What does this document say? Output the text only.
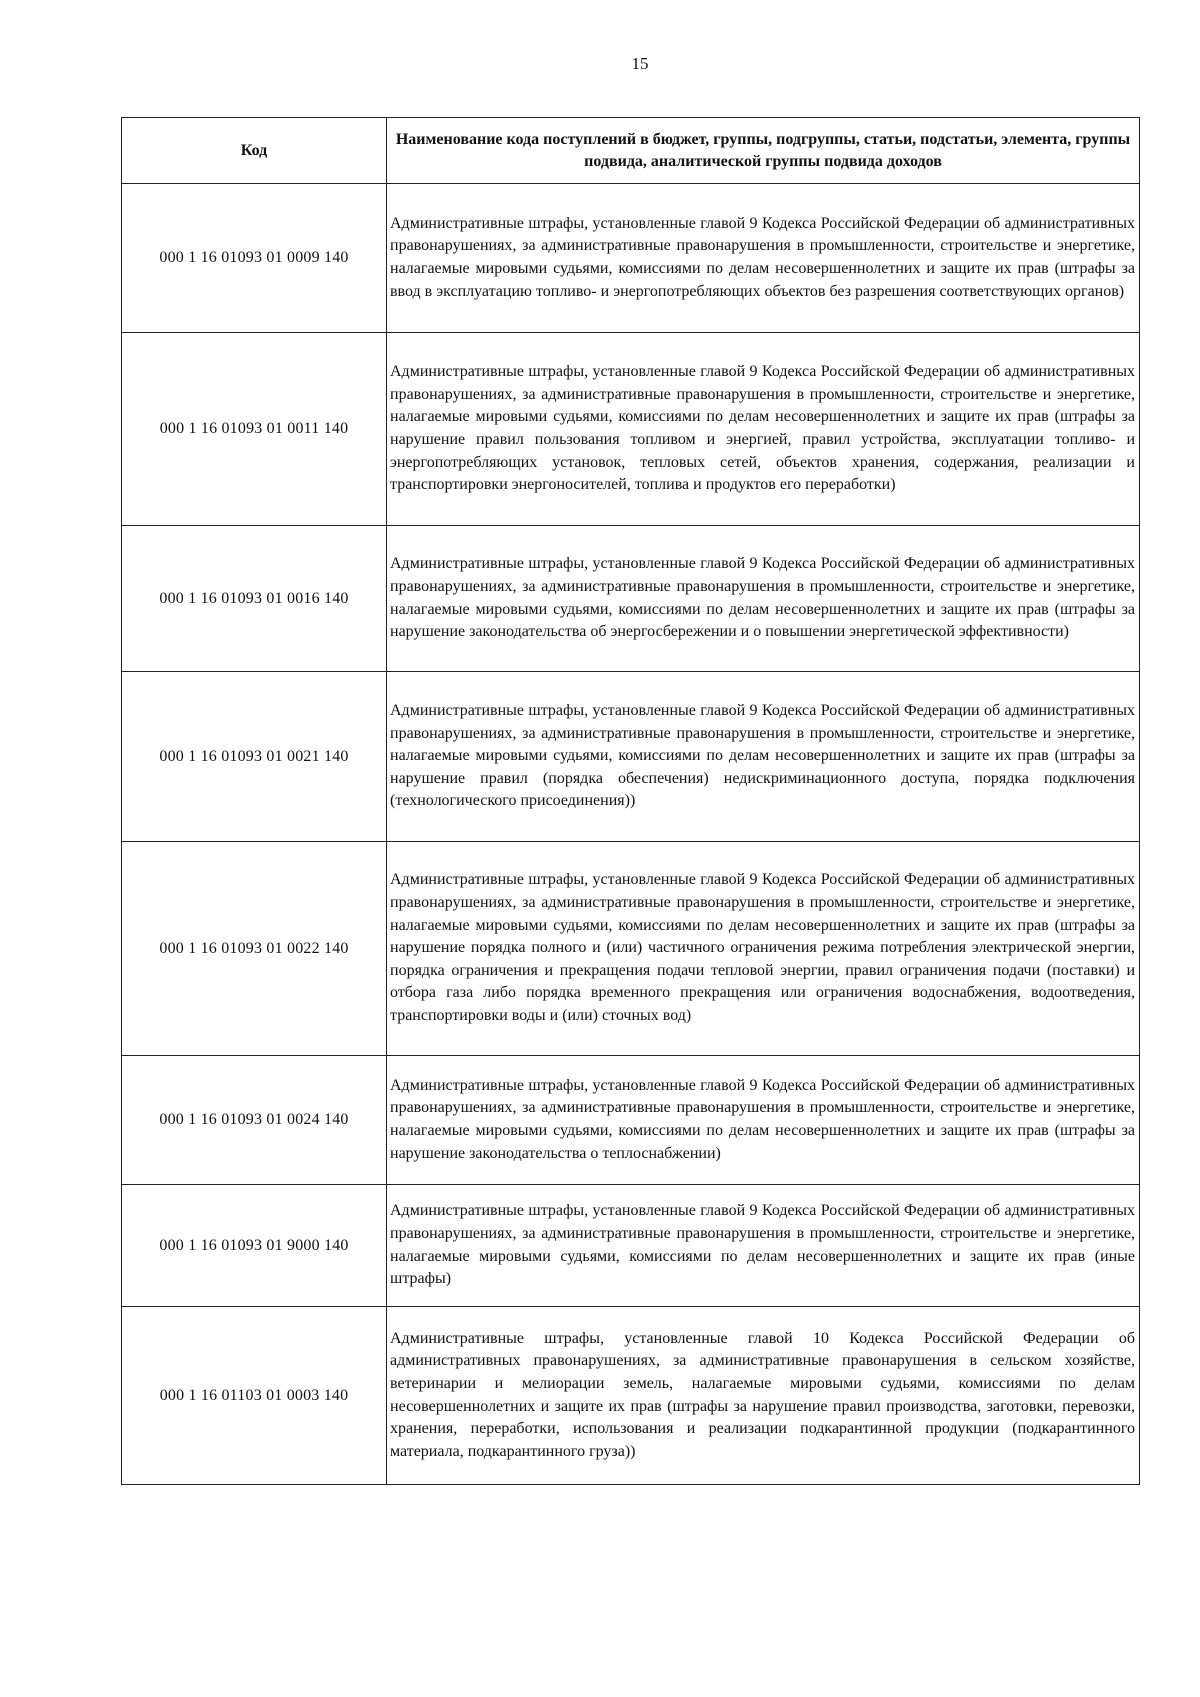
15
Код	Наименование кода поступлений в бюджет, группы, подгруппы, статьи, подстатьи, элемента, группы подвида, аналитической группы подвида доходов
000 1 16 01093 01 0009 140	Административные штрафы, установленные главой 9 Кодекса Российской Федерации об административных правонарушениях, за административные правонарушения в промышленности, строительстве и энергетике, налагаемые мировыми судьями, комиссиями по делам несовершеннолетних и защите их прав (штрафы за ввод в эксплуатацию топливо- и энергопотребляющих объектов без разрешения соответствующих органов)
000 1 16 01093 01 0011 140	Административные штрафы, установленные главой 9 Кодекса Российской Федерации об административных правонарушениях, за административные правонарушения в промышленности, строительстве и энергетике, налагаемые мировыми судьями, комиссиями по делам несовершеннолетних и защите их прав (штрафы за нарушение правил пользования топливом и энергией, правил устройства, эксплуатации топливо- и энергопотребляющих установок, тепловых сетей, объектов хранения, содержания, реализации и транспортировки энергоносителей, топлива и продуктов его переработки)
000 1 16 01093 01 0016 140	Административные штрафы, установленные главой 9 Кодекса Российской Федерации об административных правонарушениях, за административные правонарушения в промышленности, строительстве и энергетике, налагаемые мировыми судьями, комиссиями по делам несовершеннолетних и защите их прав (штрафы за нарушение законодательства об энергосбережении и о повышении энергетической эффективности)
000 1 16 01093 01 0021 140	Административные штрафы, установленные главой 9 Кодекса Российской Федерации об административных правонарушениях, за административные правонарушения в промышленности, строительстве и энергетике, налагаемые мировыми судьями, комиссиями по делам несовершеннолетних и защите их прав (штрафы за нарушение правил (порядка обеспечения) недискриминационного доступа, порядка подключения (технологического присоединения))
000 1 16 01093 01 0022 140	Административные штрафы, установленные главой 9 Кодекса Российской Федерации об административных правонарушениях, за административные правонарушения в промышленности, строительстве и энергетике, налагаемые мировыми судьями, комиссиями по делам несовершеннолетних и защите их прав (штрафы за нарушение порядка полного и (или) частичного ограничения режима потребления электрической энергии, порядка ограничения и прекращения подачи тепловой энергии, правил ограничения подачи (поставки) и отбора газа либо порядка временного прекращения или ограничения водоснабжения, водоотведения, транспортировки воды и (или) сточных вод)
000 1 16 01093 01 0024 140	Административные штрафы, установленные главой 9 Кодекса Российской Федерации об административных правонарушениях, за административные правонарушения в промышленности, строительстве и энергетике, налагаемые мировыми судьями, комиссиями по делам несовершеннолетних и защите их прав (штрафы за нарушение законодательства о теплоснабжении)
000 1 16 01093 01 9000 140	Административные штрафы, установленные главой 9 Кодекса Российской Федерации об административных правонарушениях, за административные правонарушения в промышленности, строительстве и энергетике, налагаемые мировыми судьями, комиссиями по делам несовершеннолетних и защите их прав (иные штрафы)
000 1 16 01103 01 0003 140	Административные штрафы, установленные главой 10 Кодекса Российской Федерации об административных правонарушениях, за административные правонарушения в сельском хозяйстве, ветеринарии и мелиорации земель, налагаемые мировыми судьями, комиссиями по делам несовершеннолетних и защите их прав (штрафы за нарушение правил производства, заготовки, перевозки, хранения, переработки, использования и реализации подкарантинной продукции (подкарантинного материала, подкарантинного груза))
